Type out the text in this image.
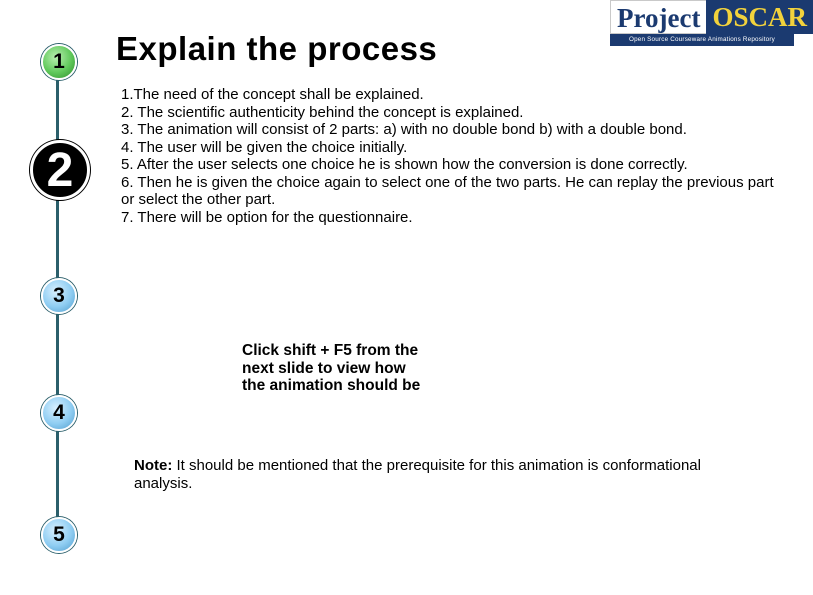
1
2
3
4
5
Explain the process
Project OSCAR
Open Source Courseware Animations Repository
1.The need of the concept shall be explained.
2. The scientific authenticity behind the concept is explained.
3. The animation will consist of 2 parts: a) with no double bond b) with a double bond.
4. The user will be given the choice initially.
5. After the user selects one choice he is shown how the conversion is done correctly.
6. Then he is given the choice again to select one of the two parts. He can replay the previous part or select the other part.
7. There will be option for the questionnaire.
Click shift + F5 from the next slide to view how the animation should be
Note: It should be mentioned that the prerequisite for this animation is conformational analysis.
